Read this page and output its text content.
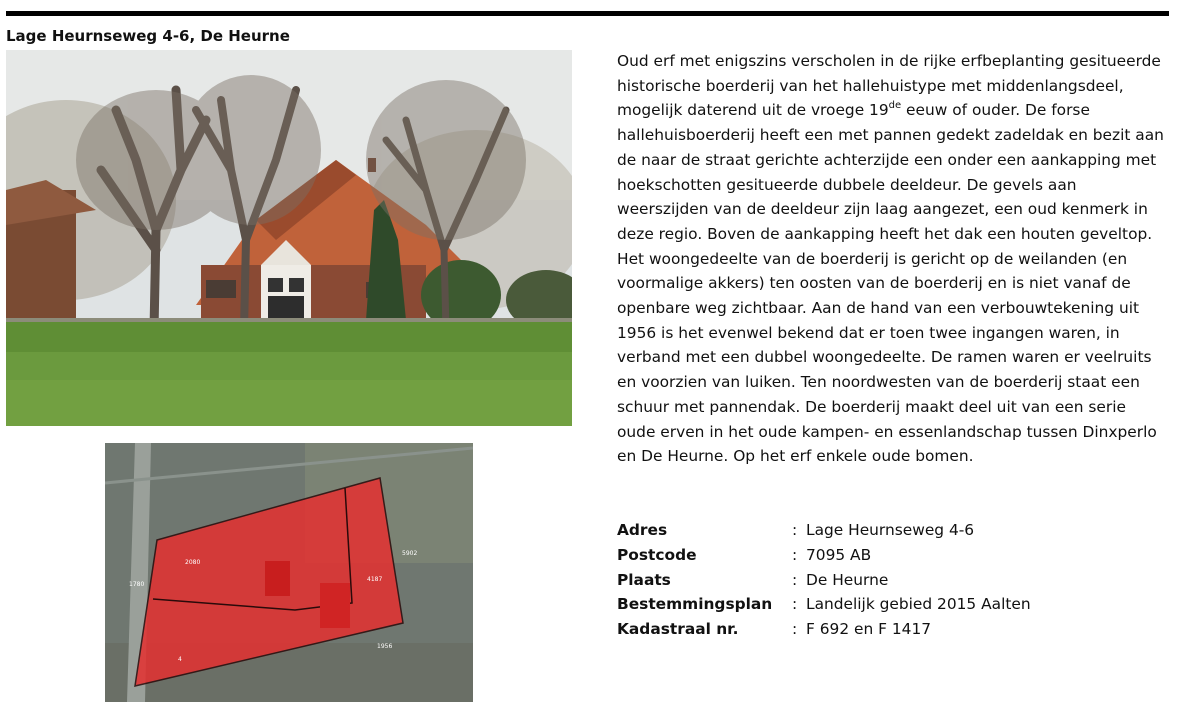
Lage Heurnseweg 4-6, De Heurne
1780
2080
4187
5902
1956
4
Oud erf met enigszins verscholen in de rijke erfbeplanting gesitueerde historische boerderij van het hallehuistype met middenlangsdeel, mogelijk daterend uit de vroege 19de eeuw of ouder. De forse hallehuisboerderij heeft een met pannen gedekt zadeldak en bezit aan de naar de straat gerichte achterzijde een onder een aankapping met hoekschotten gesitueerde dubbele deeldeur. De gevels aan weerszijden van de deeldeur zijn laag aangezet, een oud kenmerk in deze regio. Boven de aankapping heeft het dak een houten geveltop. Het woongedeelte van de boerderij is gericht op de weilanden (en voormalige akkers) ten oosten van de boerderij en is niet vanaf de openbare weg zichtbaar. Aan de hand van een verbouwtekening uit 1956 is het evenwel bekend dat er toen twee ingangen waren, in verband met een dubbel woongedeelte. De ramen waren er veelruits en voorzien van luiken. Ten noordwesten van de boerderij staat een schuur met pannendak. De boerderij maakt deel uit van een serie oude erven in het oude kampen- en essenlandschap tussen Dinxperlo en De Heurne. Op het erf enkele oude bomen.
Adres	: Lage Heurnseweg 4-6
Postcode	: 7095 AB
Plaats	: De Heurne
Bestemmingsplan	: Landelijk gebied 2015 Aalten
Kadastraal nr.	: F 692 en F 1417
